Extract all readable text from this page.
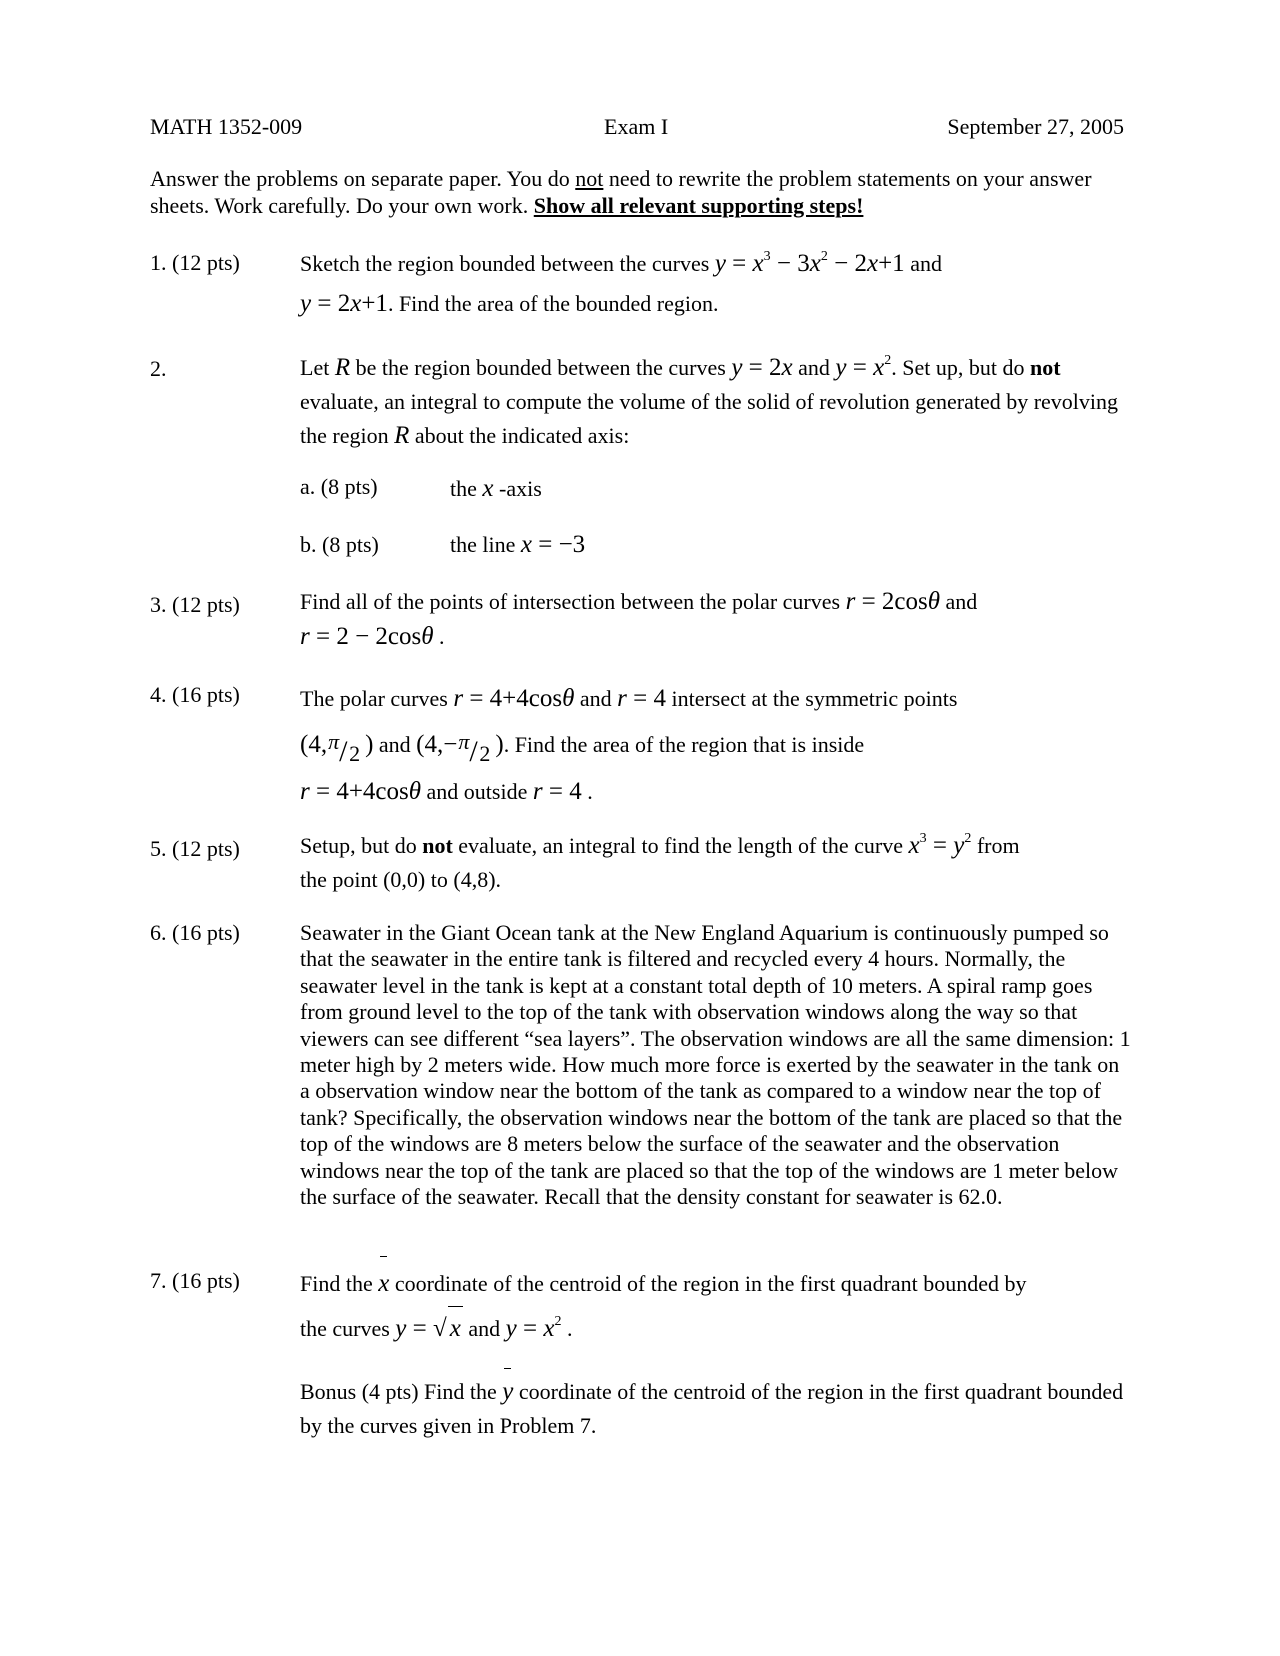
MATH 1352-009	Exam I	September 27, 2005
Answer the problems on separate paper. You do not need to rewrite the problem statements on your answer sheets. Work carefully. Do your own work. Show all relevant supporting steps!
1. (12 pts)	Sketch the region bounded between the curves $y = x^3 - 3x^2 - 2x+1$ and
y = 2x+1. Find the area of the bounded region.
2.	Let R be the region bounded between the curves y = 2x and $y = x^2$. Set up, but do not evaluate, an integral to compute the volume of the solid of revolution generated by revolving the region R about the indicated axis:
a. (8 pts)	the x -axis
b. (8 pts)	the line x = −3
3. (12 pts)	Find all of the points of intersection between the polar curves r = 2cosθ and
r = 2 − 2cosθ .
4. (16 pts)	The polar curves r = 4+4cosθ and r = 4 intersect at the symmetric points
(4, π / 2 ) and (4,− π / 2 ). Find the area of the region that is inside
r = 4+4cosθ and outside r = 4 .
5. (12 pts)	Setup, but do not evaluate, an integral to find the length of the curve $x^3 = y^2$ from
the point (0,0) to (4,8).
6. (16 pts)	Seawater in the Giant Ocean tank at the New England Aquarium is continuously pumped so that the seawater in the entire tank is filtered and recycled every 4 hours. Normally, the seawater level in the tank is kept at a constant total depth of 10 meters. A spiral ramp goes from ground level to the top of the tank with observation windows along the way so that viewers can see different “sea layers”. The observation windows are all the same dimension: 1 meter high by 2 meters wide. How much more force is exerted by the seawater in the tank on a observation window near the bottom of the tank as compared to a window near the top of tank? Specifically, the observation windows near the bottom of the tank are placed so that the top of the windows are 8 meters below the surface of the seawater and the observation windows near the top of the tank are placed so that the top of the windows are 1 meter below the surface of the seawater. Recall that the density constant for seawater is 62.0.
7. (16 pts)	Find the x coordinate of the centroid of the region in the first quadrant bounded by
the curves y = √ x and $y = x^2$ .
Bonus (4 pts) Find the y coordinate of the centroid of the region in the first quadrant bounded by the curves given in Problem 7.
